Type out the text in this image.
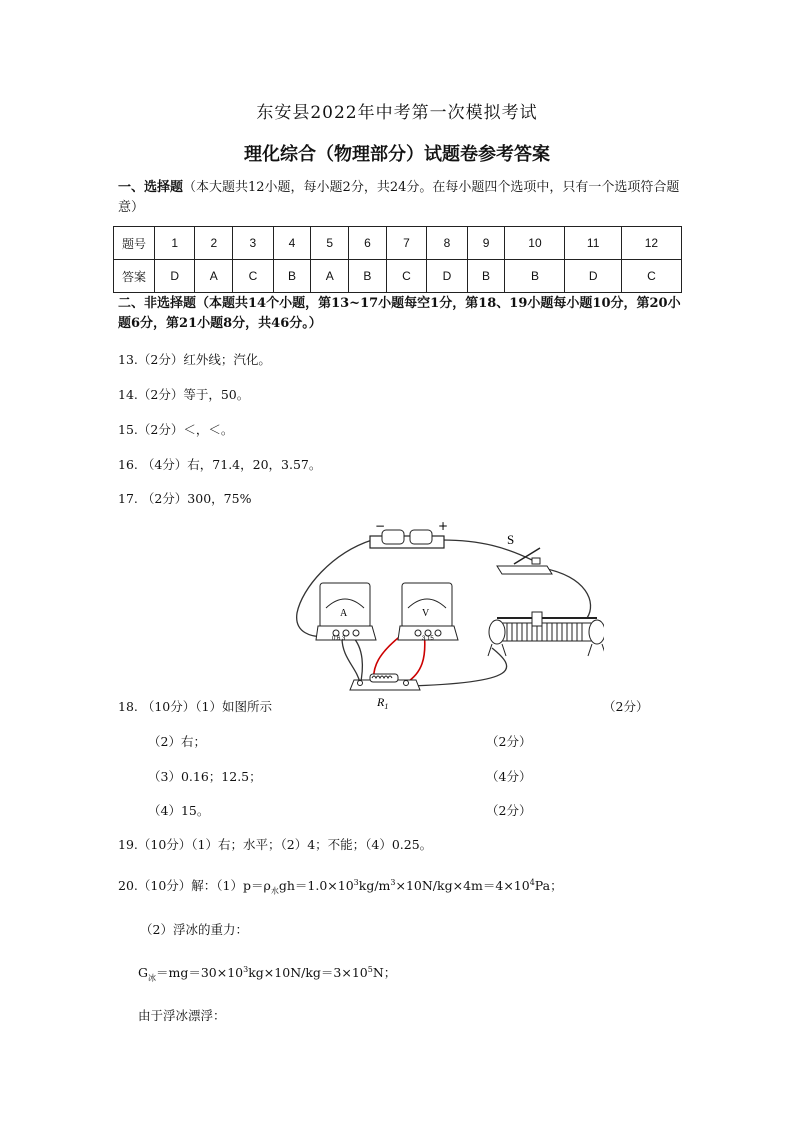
东安县2022年中考第一次模拟考试
理化综合（物理部分）试题卷参考答案
一、选择题（本大题共12小题，每小题2分，共24分。在每小题四个选项中，只有一个选项符合题意）
题号	1	2	3	4	5	6	7	8	9	10	11	12
答案	D	A	C	B	A	B	C	D	B	B	D	C
二、非选择题（本题共14个小题，第13~17小题每空1分，第18、19小题每小题10分，第20小题6分，第21小题8分，共46分。）
13.（2分）红外线；汽化。
14.（2分）等于，50。
15.（2分）＜，＜。
16. （4分）右，71.4，20，3.57。
17. （2分）300，75%
−	+
S
A
0.6 3
V
3 15
$R_1$
18. （10分）（1）如图所示	（2分）
（2）右；	（2分）
（3）0.16；12.5；	（4分）
（4）15。	（2分）
19.（10分）（1）右；水平；（2）4；不能；（4）0.25。
20.（10分）解：$(1)p=\rho_水gh=1.0\times 10^3kg/m^3\times 10N/kg\times 4m=4\times 10^4Pa$；
（2）浮冰的重力：
$G_冰=mg=30\times 10^3kg\times 10N/kg=3\times 10^5N$；
由于浮冰漂浮：
